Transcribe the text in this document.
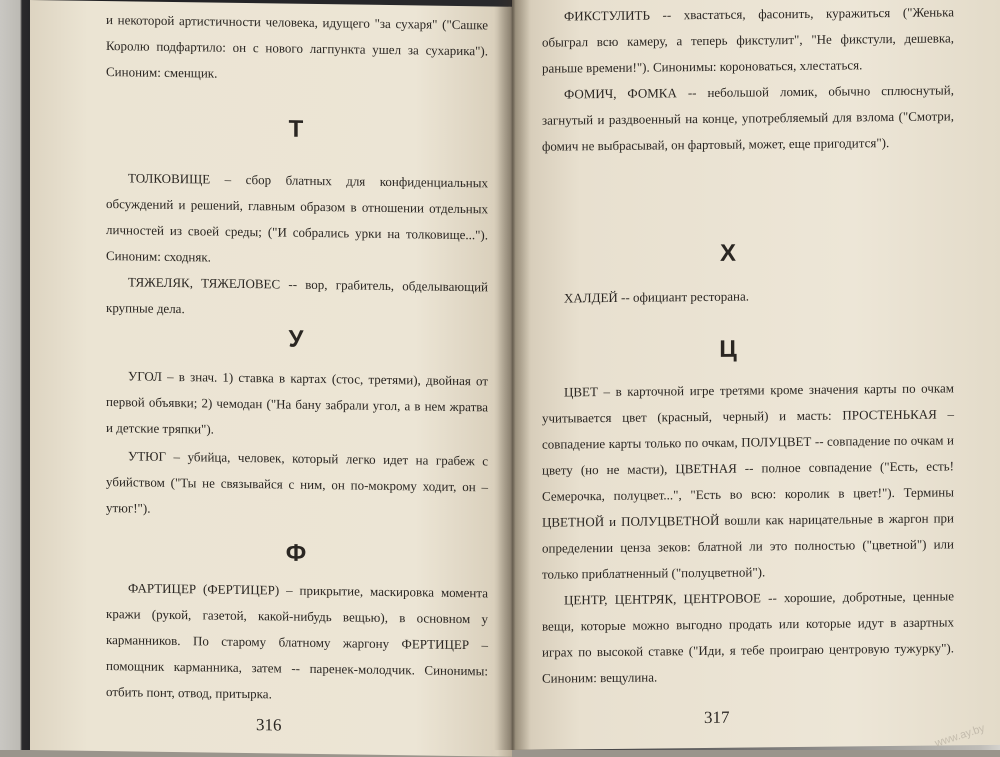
и некоторой артистичности человека, идущего "за сухаря" ("Сашке Королю подфартило: он с нового лагпункта ушел за сухарика"). Синоним: сменщик.

Т

ТОЛКОВИЩЕ – сбор блатных для конфиденциальных обсуждений и решений, главным образом в отношении отдельных личностей из своей среды; ("И собрались урки на толковище..."). Синоним: сходняк.

ТЯЖЕЛЯК, ТЯЖЕЛОВЕС -- вор, грабитель, обделывающий крупные дела.

У

УГОЛ – в знач. 1) ставка в картах (стос, третями), двойная от первой объявки; 2) чемодан ("На бану забрали угол, а в нем жратва и детские тряпки").

УТЮГ – убийца, человек, который легко идет на грабеж с убийством ("Ты не связывайся с ним, он по-мокрому ходит, он – утюг!").

Ф

ФАРТИЦЕР (ФЕРТИЦЕР) – прикрытие, маскировка момента кражи (рукой, газетой, какой-нибудь вещью), в основном у карманников. По старому блатному жаргону ФЕРТИЦЕР – помощник карманника, затем -- паренек-молодчик. Синонимы: отбить понт, отвод, притырка.

316

ФИКСТУЛИТЬ -- хвастаться, фасонить, куражиться ("Женька обыграл всю камеру, а теперь фикстулит", "Не фикстули, дешевка, раньше времени!"). Синонимы: короноваться, хлестаться.

ФОМИЧ, ФОМКА -- небольшой ломик, обычно сплюснутый, загнутый и раздвоенный на конце, употребляемый для взлома ("Смотри, фомич не выбрасывай, он фартовый, может, еще пригодится").

Х

ХАЛДЕЙ -- официант ресторана.

Ц

ЦВЕТ – в карточной игре третями кроме значения карты по очкам учитывается цвет (красный, черный) и масть: ПРОСТЕНЬКАЯ – совпадение карты только по очкам, ПОЛУЦВЕТ -- совпадение по очкам и цвету (но не масти), ЦВЕТНАЯ -- полное совпадение ("Есть, есть! Семерочка, полуцвет...", "Есть во всю: королик в цвет!"). Термины ЦВЕТНОЙ и ПОЛУЦВЕТНОЙ вошли как нарицательные в жаргон при определении ценза зеков: блатной ли это полностью ("цветной") или только приблатненный ("полуцветной").

ЦЕНТР, ЦЕНТРЯК, ЦЕНТРОВОЕ -- хорошие, добротные, ценные вещи, которые можно выгодно продать или которые идут в азартных играх по высокой ставке ("Иди, я тебе проиграю центровую тужурку"). Синоним: вещулина.

317
www.ay.by
